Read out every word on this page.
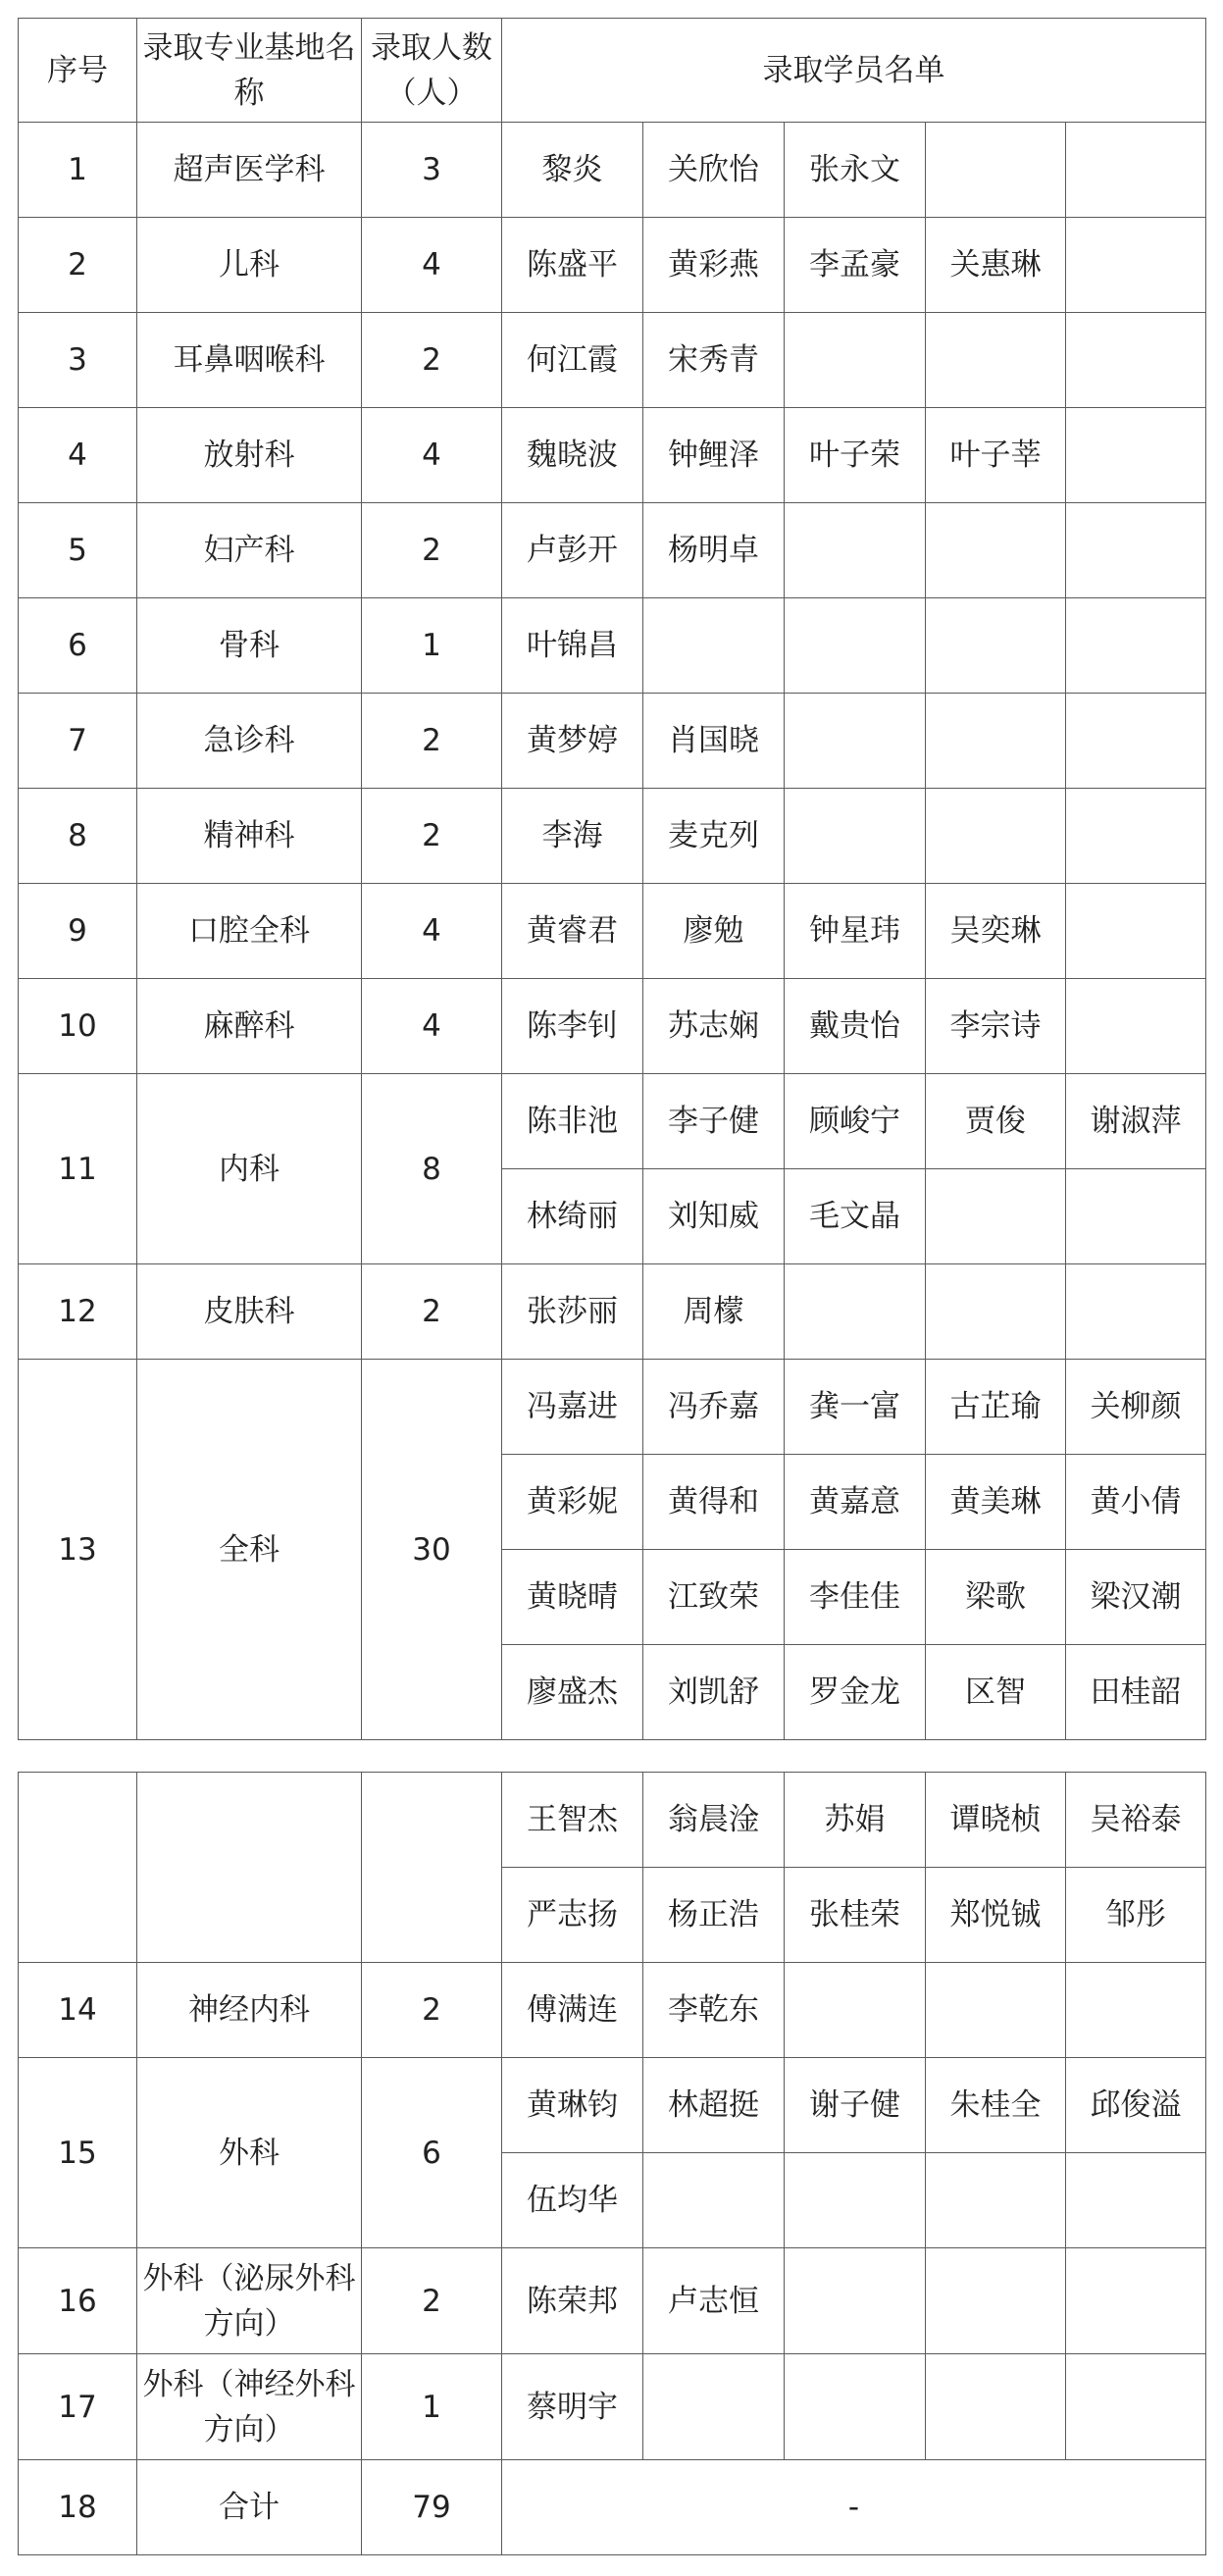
序号	录取专业基地名称	录取人数（人）	录取学员名单				
1	超声医学科	3	黎炎	关欣怡	张永文		
2	儿科	4	陈盛平	黄彩燕	李孟豪	关惠琳	
3	耳鼻咽喉科	2	何江霞	宋秀青			
4	放射科	4	魏晓波	钟鲤泽	叶子荣	叶子莘	
5	妇产科	2	卢彭开	杨明卓			
6	骨科	1	叶锦昌				
7	急诊科	2	黄梦婷	肖国晓			
8	精神科	2	李海	麦克列			
9	口腔全科	4	黄睿君	廖勉	钟星玮	吴奕琳	
10	麻醉科	4	陈李钊	苏志娴	戴贵怡	李宗诗	
11	内科	8	陈非池	李子健	顾峻宁	贾俊	谢淑萍
			林绮丽	刘知威	毛文晶		
12	皮肤科	2	张莎丽	周檬			
13	全科	30	冯嘉进	冯乔嘉	龚一富	古芷瑜	关柳颜
			黄彩妮	黄得和	黄嘉意	黄美琳	黄小倩
			黄晓晴	江致荣	李佳佳	梁歌	梁汉潮
			廖盛杰	刘凯舒	罗金龙	区智	田桂韶
			王智杰	翁晨淦	苏娟	谭晓桢	吴裕泰
			严志扬	杨正浩	张桂荣	郑悦铖	邹彤
14	神经内科	2	傅满连	李乾东			
15	外科	6	黄琳钧	林超挺	谢子健	朱桂全	邱俊溢
			伍均华				
16	外科（泌尿外科方向）	2	陈荣邦	卢志恒			
17	外科（神经外科方向）	1	蔡明宇				
18	合计	79	-				
